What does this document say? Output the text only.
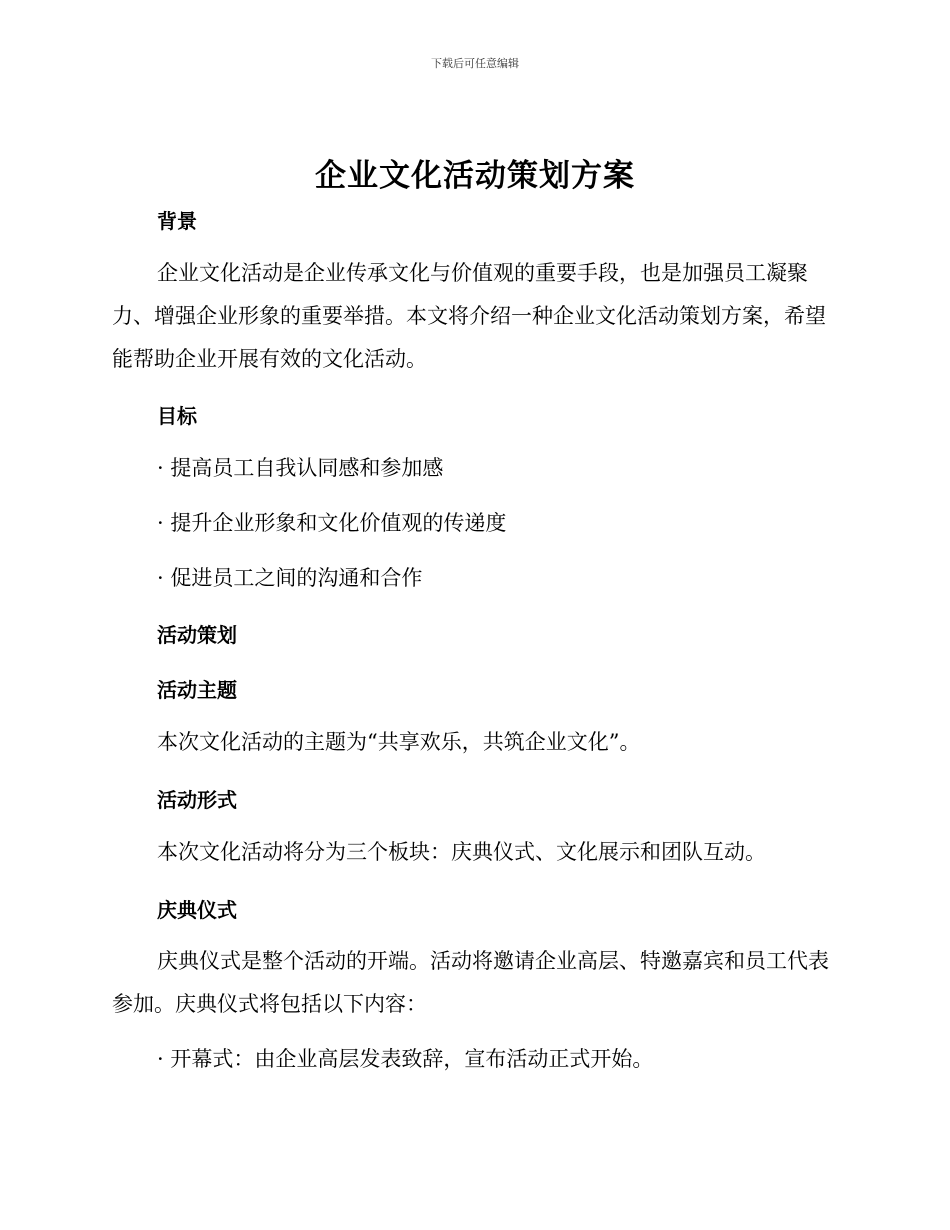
下载后可任意编辑
企业文化活动策划方案
背景
企业文化活动是企业传承文化与价值观的重要手段，也是加强员工凝聚力、增强企业形象的重要举措。本文将介绍一种企业文化活动策划方案，希望能帮助企业开展有效的文化活动。
目标
· 提高员工自我认同感和参加感
· 提升企业形象和文化价值观的传递度
· 促进员工之间的沟通和合作
活动策划
活动主题
本次文化活动的主题为“共享欢乐，共筑企业文化”。
活动形式
本次文化活动将分为三个板块：庆典仪式、文化展示和团队互动。
庆典仪式
庆典仪式是整个活动的开端。活动将邀请企业高层、特邀嘉宾和员工代表参加。庆典仪式将包括以下内容：
· 开幕式：由企业高层发表致辞，宣布活动正式开始。
